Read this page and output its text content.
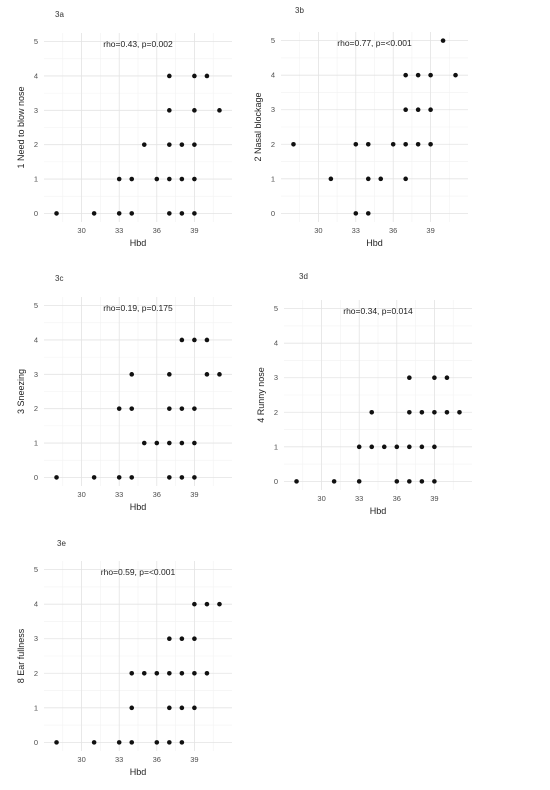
3a
0
1
2
3
4
5
30	33	36	39
Hbd
1 Need to blow nose
rho=0.43, p=0.002
3b
0
1
2
3
4
5
30	33	36	39
Hbd
2 Nasal blockage
rho=0.77, p=<0.001
3c
0
1
2
3
4
5
30	33	36	39
Hbd
3 Sneezing
rho=0.19, p=0.175
3d
0
1
2
3
4
5
30	33	36	39
Hbd
4 Runny nose
rho=0.34, p=0.014
3e
0
1
2
3
4
5
30	33	36	39
Hbd
8 Ear fullness
rho=0.59, p=<0.001
